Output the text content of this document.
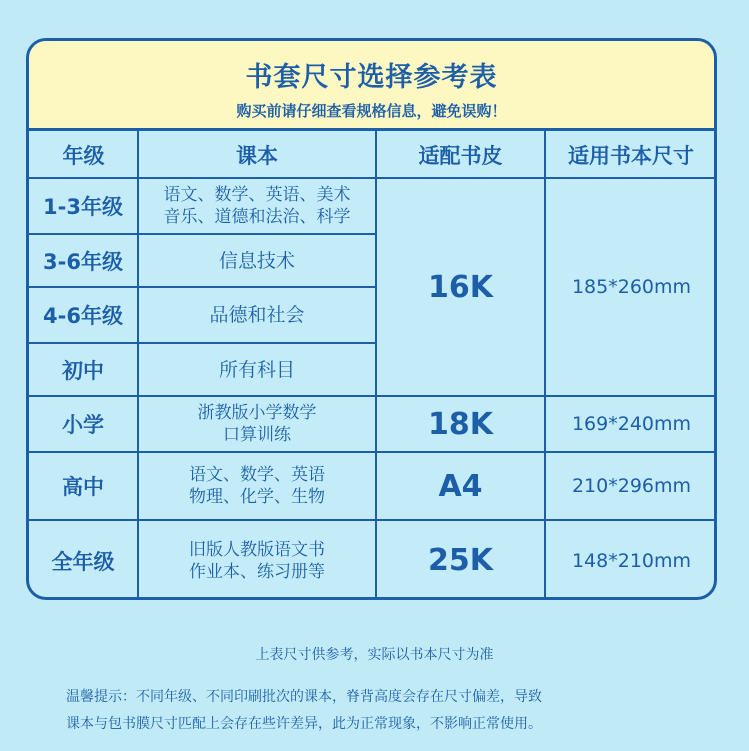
书套尺寸选择参考表
购买前请仔细查看规格信息，避免误购！
年级	课本	适配书皮	适用书本尺寸
1-3年级	语文、数学、英语、美术
音乐、道德和法治、科学
3-6年级	信息技术
4-6年级	品德和社会
初中	所有科目
16K	185*260mm
小学	浙教版小学数学
口算训练	18K	169*240mm
高中	语文、数学、英语
物理、化学、生物	A4	210*296mm
全年级	旧版人教版语文书
作业本、练习册等	25K	148*210mm
上表尺寸供参考，实际以书本尺寸为准
温馨提示：不同年级、不同印刷批次的课本，脊背高度会存在尺寸偏差，导致
课本与包书膜尺寸匹配上会存在些许差异，此为正常现象，不影响正常使用。
